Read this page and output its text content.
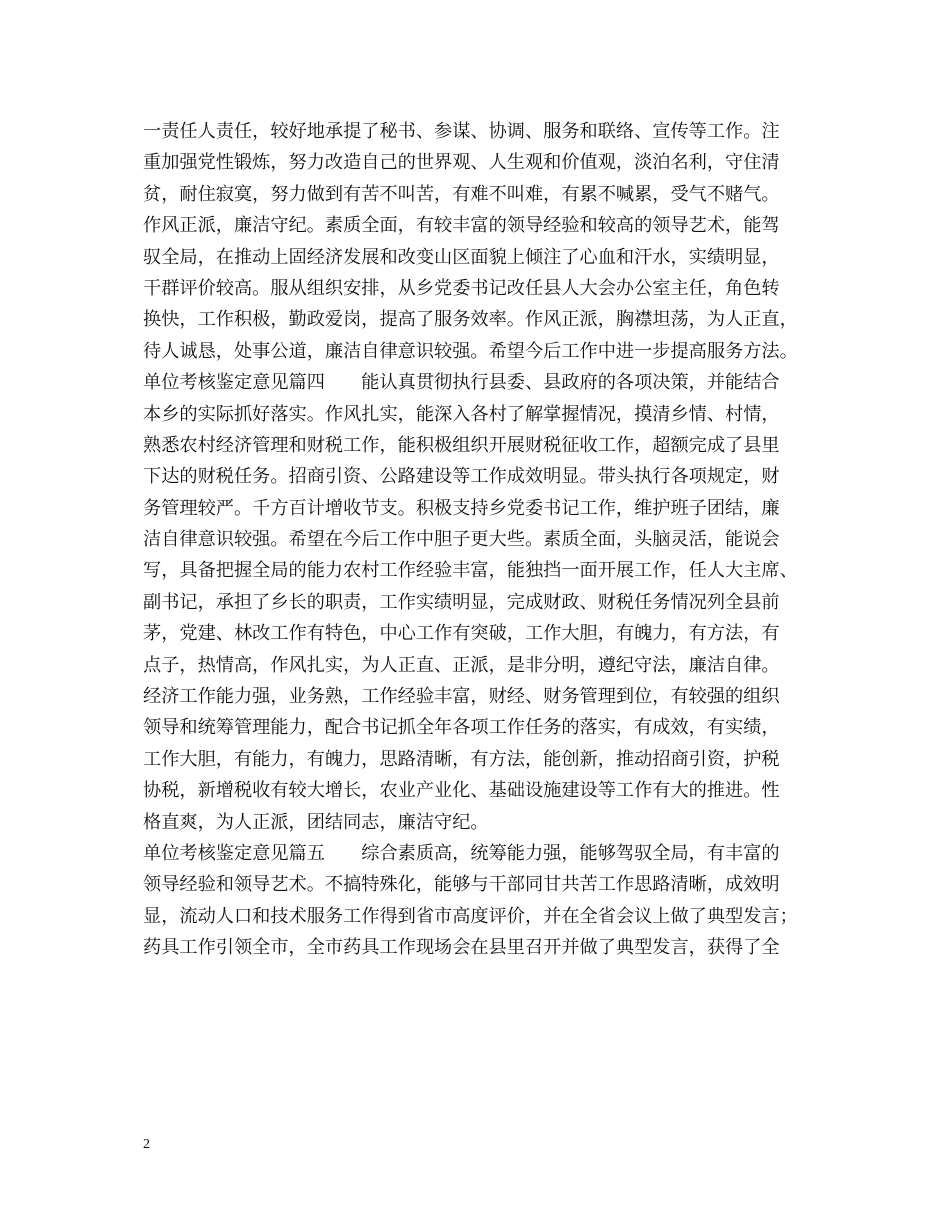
一责任人责任，较好地承提了秘书、参谋、协调、服务和联络、宣传等工作。注
重加强党性锻炼，努力改造自己的世界观、人生观和价值观，淡泊名利，守住清
贫，耐住寂寞，努力做到有苦不叫苦，有难不叫难，有累不喊累，受气不赌气。
作风正派，廉洁守纪。素质全面，有较丰富的领导经验和较高的领导艺术，能驾
驭全局，在推动上固经济发展和改变山区面貌上倾注了心血和汗水，实绩明显，
干群评价较高。服从组织安排，从乡党委书记改任县人大会办公室主任，角色转
换快，工作积极，勤政爱岗，提高了服务效率。作风正派，胸襟坦荡，为人正直，
待人诚恳，处事公道，廉洁自律意识较强。希望今后工作中进一步提高服务方法。
单位考核鉴定意见篇四　　能认真贯彻执行县委、县政府的各项决策，并能结合
本乡的实际抓好落实。作风扎实，能深入各村了解掌握情况，摸清乡情、村情，
熟悉农村经济管理和财税工作，能积极组织开展财税征收工作，超额完成了县里
下达的财税任务。招商引资、公路建设等工作成效明显。带头执行各项规定，财
务管理较严。千方百计增收节支。积极支持乡党委书记工作，维护班子团结，廉
洁自律意识较强。希望在今后工作中胆子更大些。素质全面，头脑灵活，能说会
写，具备把握全局的能力农村工作经验丰富，能独挡一面开展工作，任人大主席、
副书记，承担了乡长的职责，工作实绩明显，完成财政、财税任务情况列全县前
茅，党建、林改工作有特色，中心工作有突破，工作大胆，有魄力，有方法，有
点子，热情高，作风扎实，为人正直、正派，是非分明，遵纪守法，廉洁自律。
经济工作能力强，业务熟，工作经验丰富，财经、财务管理到位，有较强的组织
领导和统筹管理能力，配合书记抓全年各项工作任务的落实，有成效，有实绩，
工作大胆，有能力，有魄力，思路清晰，有方法，能创新，推动招商引资，护税
协税，新增税收有较大增长，农业产业化、基础设施建设等工作有大的推进。性
格直爽，为人正派，团结同志，廉洁守纪。
单位考核鉴定意见篇五　　综合素质高，统筹能力强，能够驾驭全局，有丰富的
领导经验和领导艺术。不搞特殊化，能够与干部同甘共苦工作思路清晰，成效明
显，流动人口和技术服务工作得到省市高度评价，并在全省会议上做了典型发言；
药具工作引领全市，全市药具工作现场会在县里召开并做了典型发言，获得了全
2
